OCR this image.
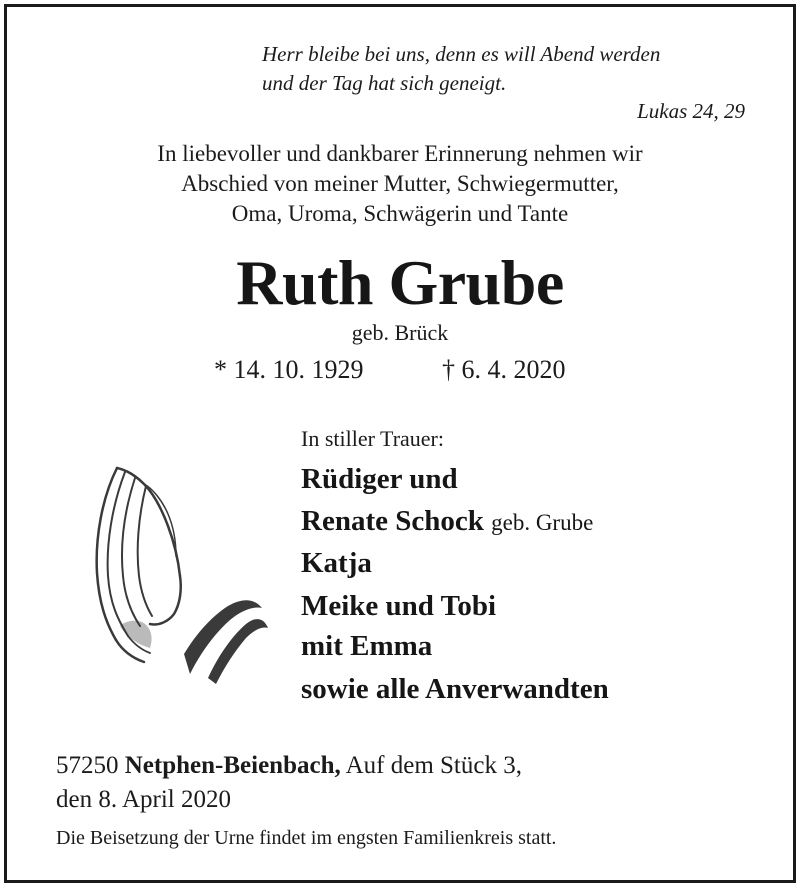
Herr bleibe bei uns, denn es will Abend werden
und der Tag hat sich geneigt.
Lukas 24, 29
In liebevoller und dankbarer Erinnerung nehmen wir
Abschied von meiner Mutter, Schwiegermutter,
Oma, Uroma, Schwägerin und Tante
Ruth Grube
geb. Brück
* 14. 10. 1929	† 6. 4. 2020
In stiller Trauer:
Rüdiger und
Renate Schock geb. Grube
Katja
Meike und Tobi
mit Emma
sowie alle Anverwandten
57250 Netphen-Beienbach, Auf dem Stück 3,
den 8. April 2020
Die Beisetzung der Urne findet im engsten Familienkreis statt.
